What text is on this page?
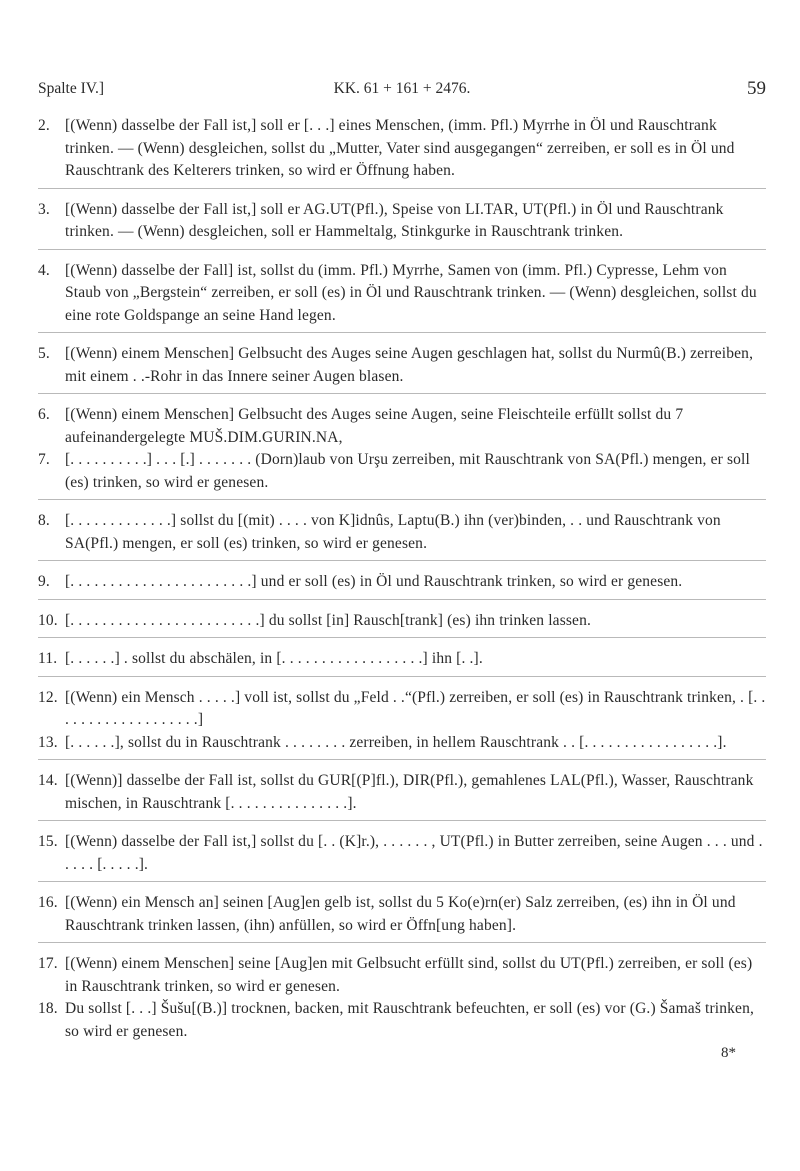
Spalte IV.]	KK. 61 + 161 + 2476.	59
2. [(Wenn) dasselbe der Fall ist,] soll er [. . .] eines Menschen, (imm. Pfl.) Myrrhe in Öl und Rauschtrank trinken. — (Wenn) desgleichen, sollst du „Mutter, Vater sind ausgegangen“ zerreiben, er soll es in Öl und Rauschtrank des Kelterers trinken, so wird er Öffnung haben.
3. [(Wenn) dasselbe der Fall ist,] soll er AG.UT(Pfl.), Speise von LI.TAR, UT(Pfl.) in Öl und Rauschtrank trinken. — (Wenn) desgleichen, soll er Hammeltalg, Stinkgurke in Rauschtrank trinken.
4. [(Wenn) dasselbe der Fall] ist, sollst du (imm. Pfl.) Myrrhe, Samen von (imm. Pfl.) Cypresse, Lehm von Staub von „Bergstein“ zerreiben, er soll (es) in Öl und Rauschtrank trinken. — (Wenn) desgleichen, sollst du eine rote Goldspange an seine Hand legen.
5. [(Wenn) einem Menschen] Gelbsucht des Auges seine Augen geschlagen hat, sollst du Nurmû(B.) zerreiben, mit einem . .-Rohr in das Innere seiner Augen blasen.
6. [(Wenn) einem Menschen] Gelbsucht des Auges seine Augen, seine Fleischteile erfüllt sollst du 7 aufeinandergelegte MUŠ.DIM.GURIN.NA,
7. [. . . . . . . . . .] . . . [.] . . . . . . . (Dorn)laub von Urşu zerreiben, mit Rauschtrank von SA(Pfl.) mengen, er soll (es) trinken, so wird er genesen.
8. [. . . . . . . . . . . . .] sollst du [(mit) . . . . von K]idnûs, Laptu(B.) ihn (ver)binden, . . und Rauschtrank von SA(Pfl.) mengen, er soll (es) trinken, so wird er genesen.
9. [. . . . . . . . . . . . . . . . . . . . . . .] und er soll (es) in Öl und Rauschtrank trinken, so wird er genesen.
10. [. . . . . . . . . . . . . . . . . . . . . . . .] du sollst [in] Rausch[trank] (es) ihn trinken lassen.
11. [. . . . . .] . sollst du abschälen, in [. . . . . . . . . . . . . . . . . .] ihn [. .].
12. [(Wenn) ein Mensch . . . . .] voll ist, sollst du „Feld . .“(Pfl.) zerreiben, er soll (es) in Rauschtrank trinken, . [. . . . . . . . . . . . . . . . . . .]
13. [. . . . . .], sollst du in Rauschtrank . . . . . . . . zerreiben, in hellem Rauschtrank . . [. . . . . . . . . . . . . . . . .].
14. [(Wenn)] dasselbe der Fall ist, sollst du GUR[(P]fl.), DIR(Pfl.), gemahlenes LAL(Pfl.), Wasser, Rauschtrank mischen, in Rauschtrank [. . . . . . . . . . . . . . .].
15. [(Wenn) dasselbe der Fall ist,] sollst du [. . (K]r.), . . . . . . , UT(Pfl.) in Butter zerreiben, seine Augen . . . und . . . . . [. . . . .].
16. [(Wenn) ein Mensch an] seinen [Aug]en gelb ist, sollst du 5 Ko(e)rn(er) Salz zerreiben, (es) ihn in Öl und Rauschtrank trinken lassen, (ihn) anfüllen, so wird er Öffn[ung haben].
17. [(Wenn) einem Menschen] seine [Aug]en mit Gelbsucht erfüllt sind, sollst du UT(Pfl.) zerreiben, er soll (es) in Rauschtrank trinken, so wird er genesen.
18. Du sollst [. . .] Šušu[(B.)] trocknen, backen, mit Rauschtrank befeuchten, er soll (es) vor (G.) Šamaš trinken, so wird er genesen.
8*
